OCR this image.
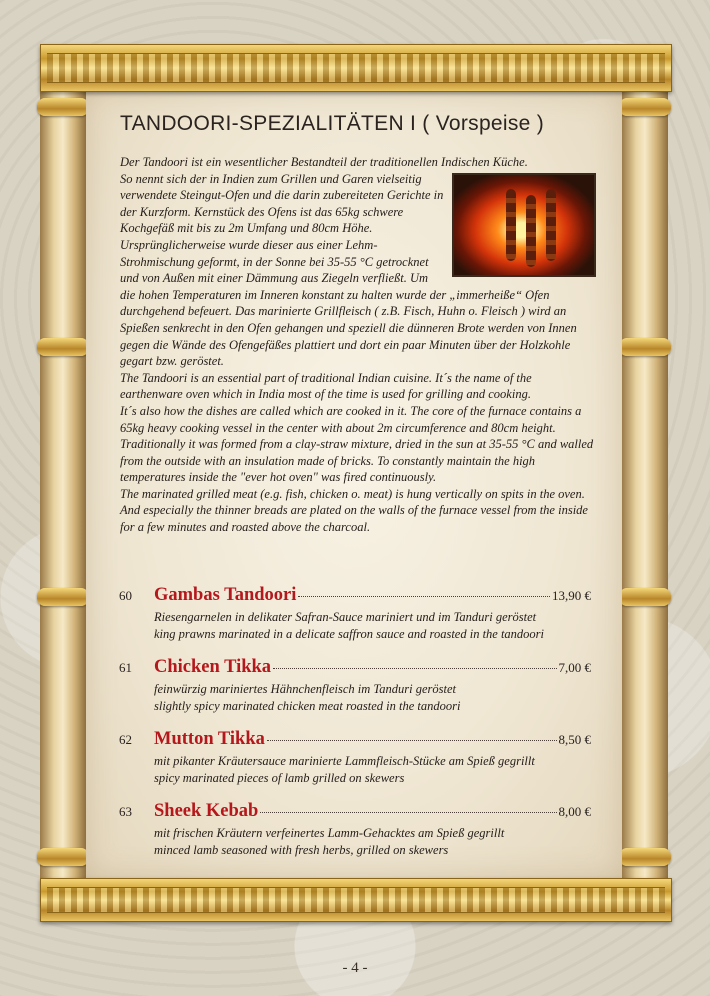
TANDOORI-SPEZIALITÄTEN I ( Vorspeise )

Der Tandoori ist ein wesentlicher Bestandteil der traditionellen Indischen Küche.

So nennt sich der in Indien zum Grillen und Garen vielseitig verwendete Steingut-Ofen und die darin zubereiteten Gerichte in der Kurzform. Kernstück des Ofens ist das 65kg schwere Kochgefäß mit bis zu 2m Umfang und 80cm Höhe. Ursprünglicherweise wurde dieser aus einer Lehm-Strohmischung geformt, in der Sonne bei 35-55 °C getrocknet und von Außen mit einer Dämmung aus Ziegeln verfließt. Um die hohen Temperaturen im Inneren konstant zu halten wurde der „immerheiße“ Ofen durchgehend befeuert. Das marinierte Grillfleisch ( z.B. Fisch, Huhn o. Fleisch ) wird an Spießen senkrecht in den Ofen gehangen und speziell die dünneren Brote werden von Innen gegen die Wände des Ofengefäßes plattiert und dort ein paar Minuten über der Holzkohle gegart bzw. geröstet.

The Tandoori is an essential part of traditional Indian cuisine. It´s the name of the earthenware oven which in India most of the time is used for grilling and cooking.

It´s also how the dishes are called which are cooked in it. The core of the furnace contains a 65kg heavy cooking vessel in the center with about 2m circumference and 80cm height. Traditionally it was formed from a clay-straw mixture, dried in the sun at 35-55 °C and walled from the outside with an insulation made of bricks. To constantly maintain the high temperatures inside the "ever hot oven" was fired continuously.

The marinated grilled meat (e.g. fish, chicken o. meat) is hung vertically on spits in the oven. And especially the thinner breads are plated on the walls of the furnace vessel from the inside for a few minutes and roasted above the charcoal.

60	Gambas Tandoori	13,90 €
Riesengarnelen in delikater Safran-Sauce mariniert und im Tanduri geröstet
king prawns marinated in a delicate saffron sauce and roasted in the tandoori
61	Chicken Tikka	7,00 €
feinwürzig mariniertes Hähnchenfleisch im Tanduri geröstet
slightly spicy marinated chicken meat roasted in the tandoori
62	Mutton Tikka	8,50 €
mit pikanter Kräutersauce marinierte Lammfleisch-Stücke am Spieß gegrillt
spicy marinated pieces of lamb grilled on skewers
63	Sheek Kebab	8,00 €
mit frischen Kräutern verfeinertes Lamm-Gehacktes am Spieß gegrillt
minced lamb seasoned with fresh herbs, grilled on skewers
- 4 -
